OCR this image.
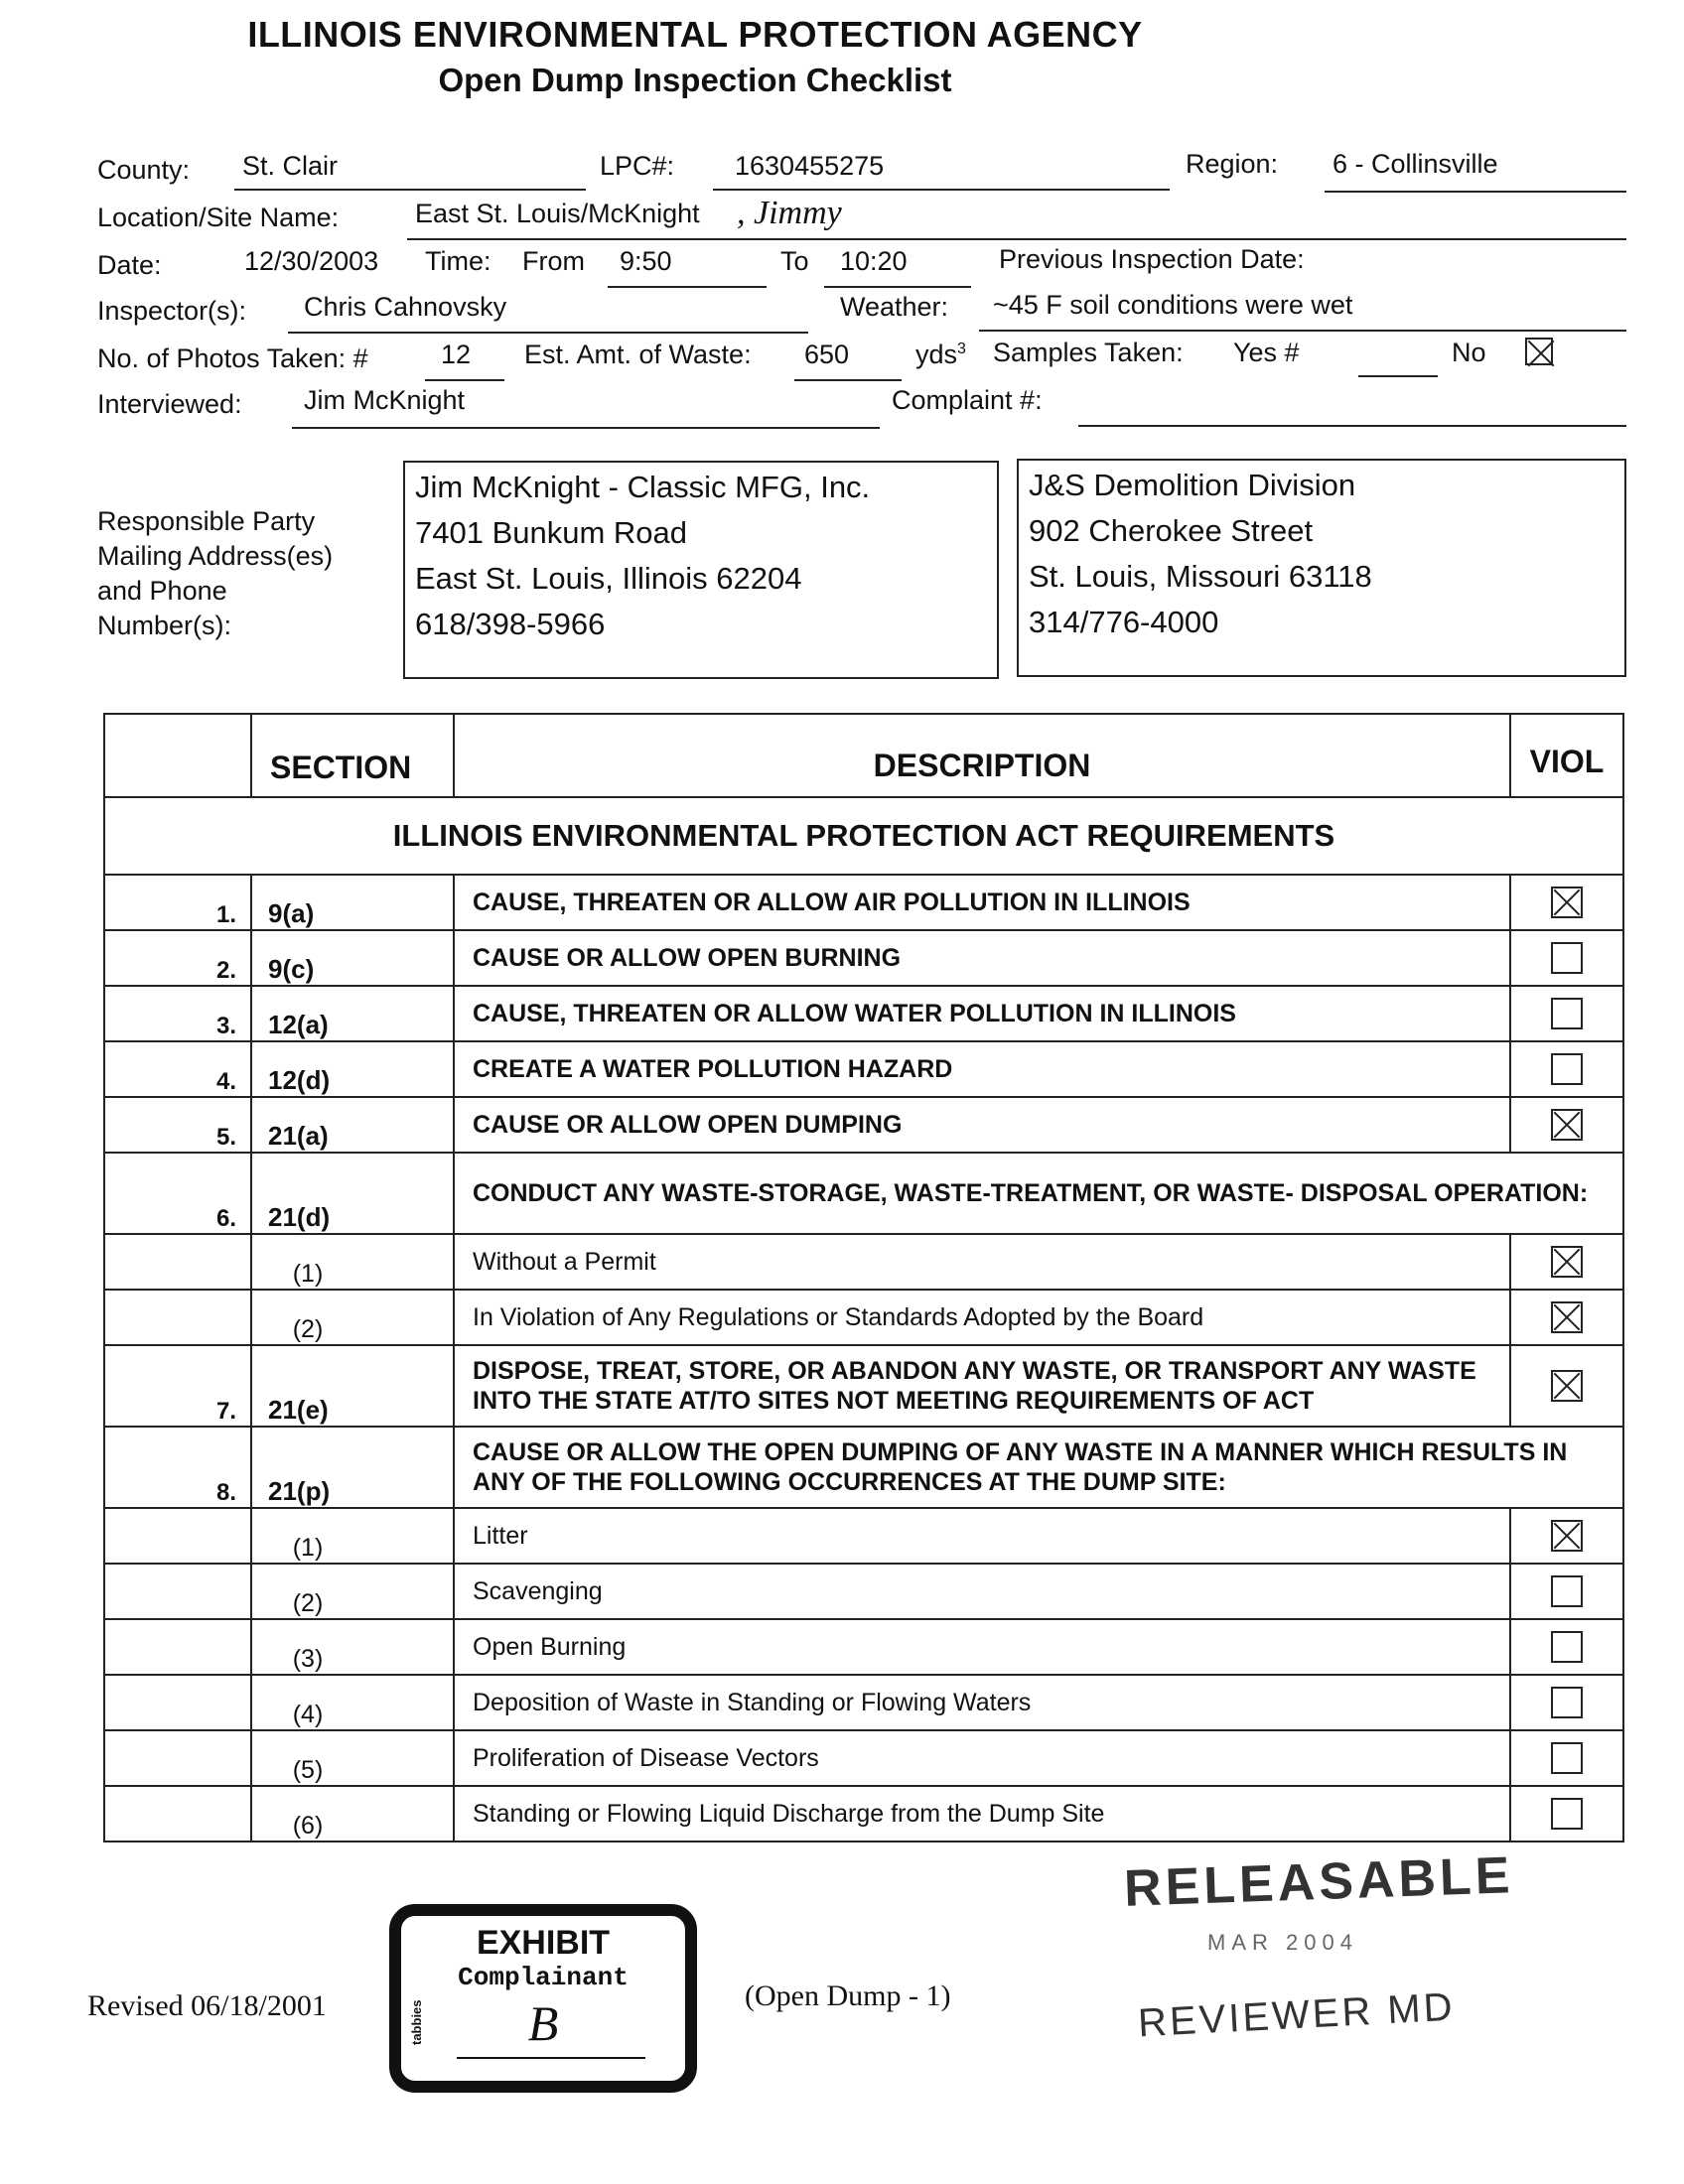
ILLINOIS ENVIRONMENTAL PROTECTION AGENCY
Open Dump Inspection Checklist
County: St. Clair	LPC#: 1630455275	Region: 6 - Collinsville
Location/Site Name:	East St. Louis/McKnight , Jimmy
Date:	12/30/2003 Time: From 9:50	To 10:20	Previous Inspection Date:
Inspector(s): Chris Cahnovsky	Weather: ~45 F soil conditions were wet
No. of Photos Taken: #	12 Est. Amt. of Waste: 650 yds$^3$ Samples Taken: Yes #	No
Interviewed: Jim McKnight	Complaint #:
Responsible Party
Mailing Address(es)
and Phone
Number(s):
Jim McKnight - Classic MFG, Inc.
7401 Bunkum Road
East St. Louis, Illinois 62204
618/398-5966
J&S Demolition Division
902 Cherokee Street
St. Louis, Missouri 63118
314/776-4000
	SECTION	DESCRIPTION	VIOL
ILLINOIS ENVIRONMENTAL PROTECTION ACT REQUIREMENTS			
1.	9(a)	CAUSE, THREATEN OR ALLOW AIR POLLUTION IN ILLINOIS	

2.	9(c)	CAUSE OR ALLOW OPEN BURNING	

3.	12(a)	CAUSE, THREATEN OR ALLOW WATER POLLUTION IN ILLINOIS	

4.	12(d)	CREATE A WATER POLLUTION HAZARD	

5.	21(a)	CAUSE OR ALLOW OPEN DUMPING	

6.	21(d)	CONDUCT ANY WASTE-STORAGE, WASTE-TREATMENT, OR WASTE- DISPOSAL OPERATION:	
	(1)	Without a Permit	

	(2)	In Violation of Any Regulations or Standards Adopted by the Board	

7.	21(e)	DISPOSE, TREAT, STORE, OR ABANDON ANY WASTE, OR TRANSPORT ANY WASTE INTO THE STATE AT/TO SITES NOT MEETING REQUIREMENTS OF ACT	

8.	21(p)	CAUSE OR ALLOW THE OPEN DUMPING OF ANY WASTE IN A MANNER WHICH RESULTS IN ANY OF THE FOLLOWING OCCURRENCES AT THE DUMP SITE:	
	(1)	Litter	

	(2)	Scavenging	

	(3)	Open Burning	

	(4)	Deposition of Waste in Standing or Flowing Waters	

	(5)	Proliferation of Disease Vectors	

	(6)	Standing or Flowing Liquid Discharge from the Dump Site	
Revised 06/18/2001	(Open Dump - 1)
EXHIBIT
Complainant
B
tabbies
RELEASABLE
MAR 2004
REVIEWER MD
